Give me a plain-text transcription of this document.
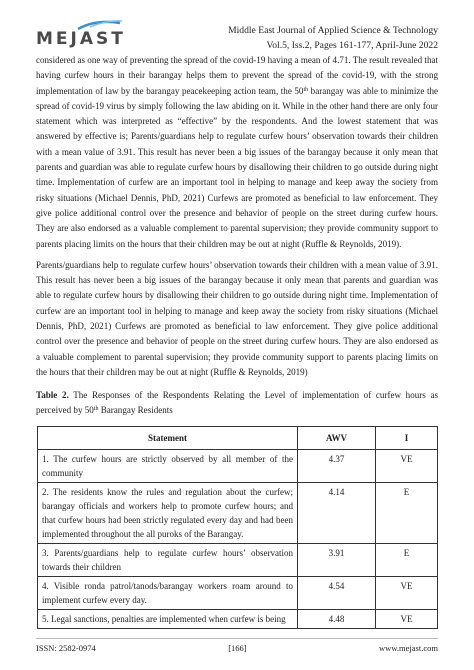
MEJAST	Middle East Journal of Applied Science & Technology
Vol.5, Iss.2, Pages 161-177, April-June 2022

considered as one way of preventing the spread of the covid-19 having a mean of 4.71. The result revealed that having curfew hours in their barangay helps them to prevent the spread of the covid-19, with the strong implementation of law by the barangay peacekeeping action team, the 50th barangay was able to minimize the spread of covid-19 virus by simply following the law abiding on it. While in the other hand there are only four statement which was interpreted as “effective” by the respondents. And the lowest statement that was answered by effective is; Parents/guardians help to regulate curfew hours’ observation towards their children with a mean value of 3.91. This result has never been a big issues of the barangay because it only mean that parents and guardian was able to regulate curfew hours by disallowing their children to go outside during night time. Implementation of curfew are an important tool in helping to manage and keep away the society from risky situations (Michael Dennis, PhD, 2021) Curfews are promoted as beneficial to law enforcement. They give police additional control over the presence and behavior of people on the street during curfew hours. They are also endorsed as a valuable complement to parental supervision; they provide community support to parents placing limits on the hours that their children may be out at night (Ruffle & Reynolds, 2019).

Parents/guardians help to regulate curfew hours’ observation towards their children with a mean value of 3.91. This result has never been a big issues of the barangay because it only mean that parents and guardian was able to regulate curfew hours by disallowing their children to go outside during night time. Implementation of curfew are an important tool in helping to manage and keep away the society from risky situations (Michael Dennis, PhD, 2021) Curfews are promoted as beneficial to law enforcement. They give police additional control over the presence and behavior of people on the street during curfew hours. They are also endorsed as a valuable complement to parental supervision; they provide community support to parents placing limits on the hours that their children may be out at night (Ruffle & Reynolds, 2019)

Table 2. The Responses of the Respondents Relating the Level of implementation of curfew hours as perceived by 50th Barangay Residents
Statement	AWV	I
1. The curfew hours are strictly observed by all member of the community	4.37	VE
2. The residents know the rules and regulation about the curfew; barangay officials and workers help to promote curfew hours; and that curfew hours had been strictly regulated every day and had been implemented throughout the all puroks of the Barangay.	4.14	E
3. Parents/guardians help to regulate curfew hours’ observation towards their children	3.91	E
4. Visible ronda patrol/tanods/barangay workers roam around to implement curfew every day.	4.54	VE
5. Legal sanctions, penalties are implemented when curfew is being	4.48	VE
ISSN: 2582-0974	[166]	www.mejast.com
